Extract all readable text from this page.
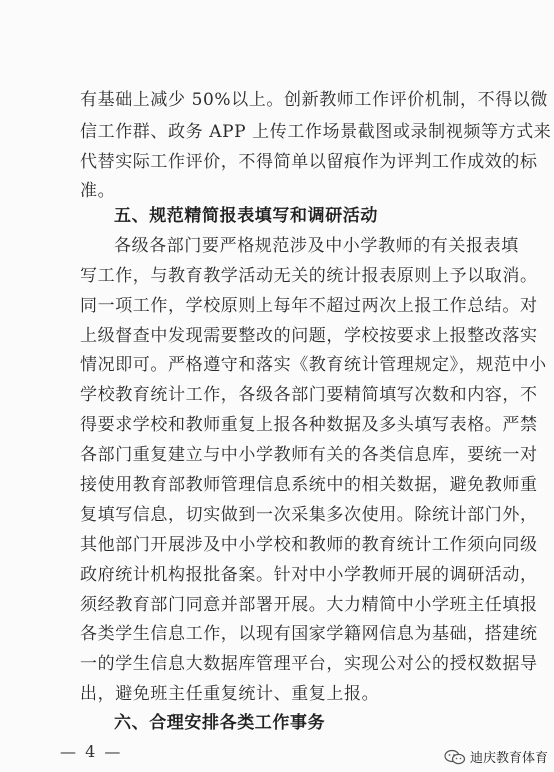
有基础上减少 50%以上。创新教师工作评价机制，不得以微
信工作群、政务 APP 上传工作场景截图或录制视频等方式来
代替实际工作评价，不得简单以留痕作为评判工作成效的标
准。
五、规范精简报表填写和调研活动
各级各部门要严格规范涉及中小学教师的有关报表填
写工作，与教育教学活动无关的统计报表原则上予以取消。
同一项工作，学校原则上每年不超过两次上报工作总结。对
上级督查中发现需要整改的问题，学校按要求上报整改落实
情况即可。严格遵守和落实《教育统计管理规定》，规范中小
学校教育统计工作，各级各部门要精简填写次数和内容，不
得要求学校和教师重复上报各种数据及多头填写表格。严禁
各部门重复建立与中小学教师有关的各类信息库，要统一对
接使用教育部教师管理信息系统中的相关数据，避免教师重
复填写信息，切实做到一次采集多次使用。除统计部门外，
其他部门开展涉及中小学校和教师的教育统计工作须向同级
政府统计机构报批备案。针对中小学教师开展的调研活动，
须经教育部门同意并部署开展。大力精简中小学班主任填报
各类学生信息工作，以现有国家学籍网信息为基础，搭建统
一的学生信息大数据库管理平台，实现公对公的授权数据导
出，避免班主任重复统计、重复上报。
六、合理安排各类工作事务
— 4 —	迪庆教育体育
